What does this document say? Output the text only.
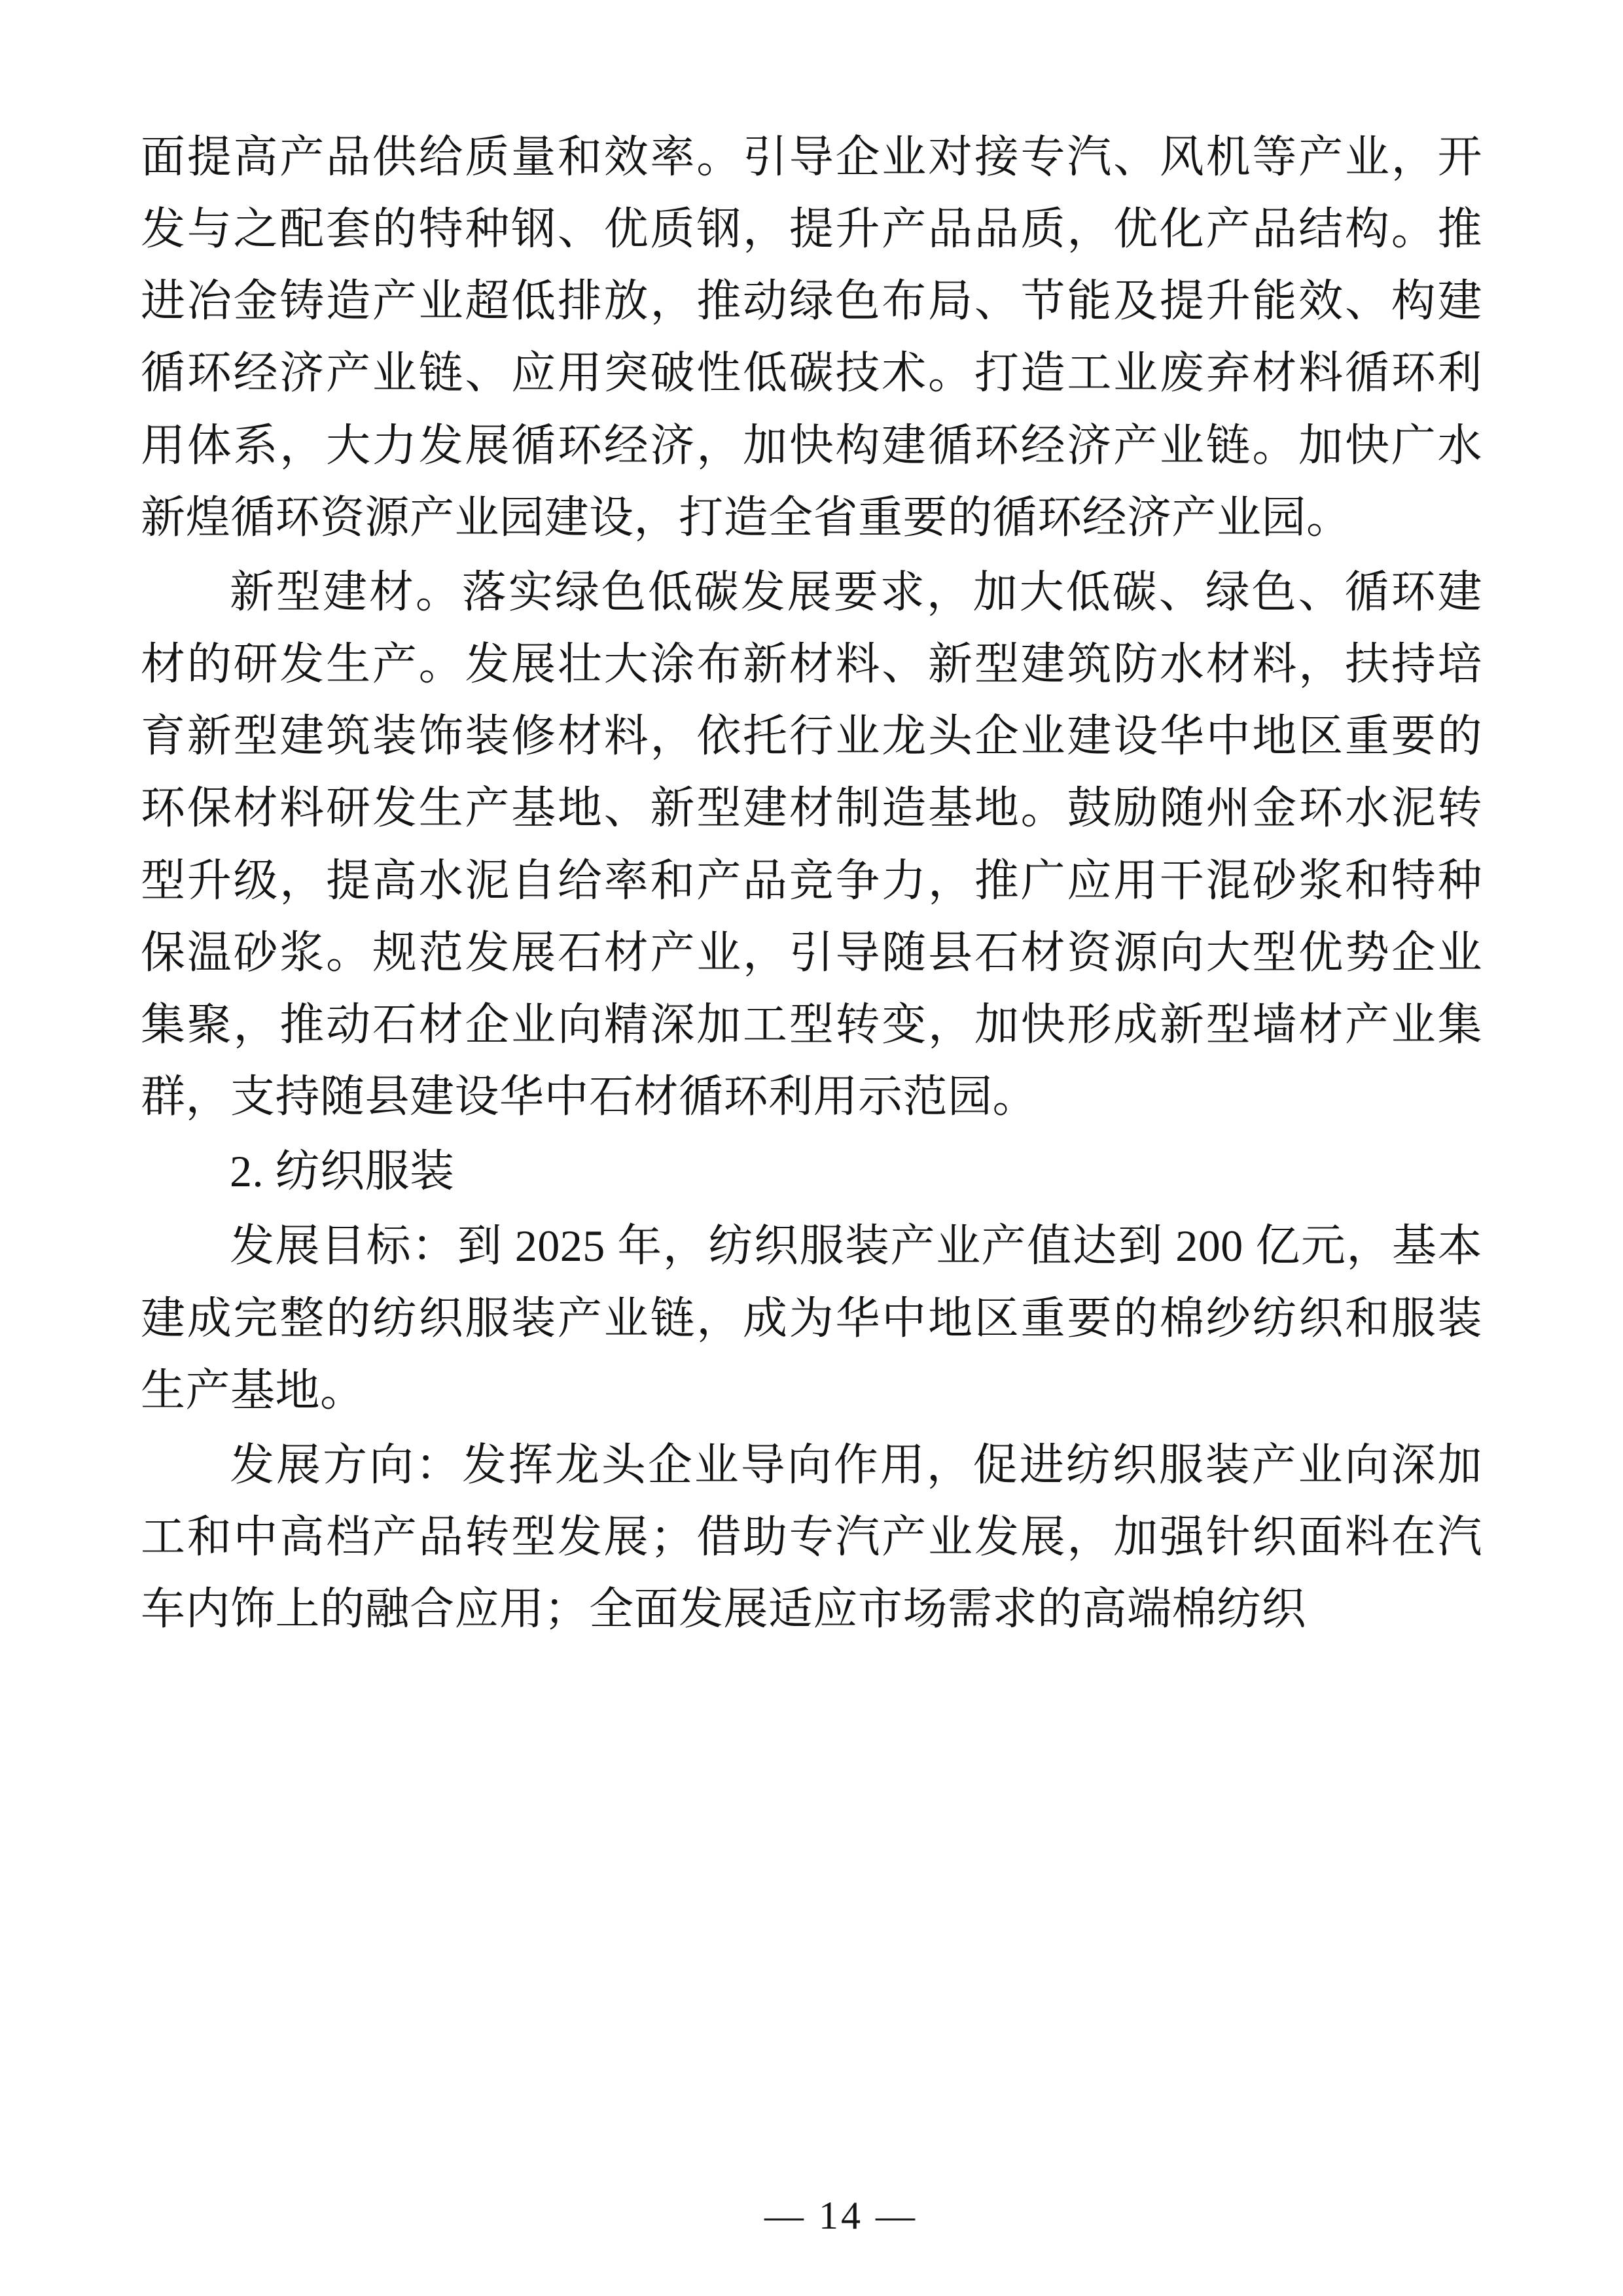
面提高产品供给质量和效率。引导企业对接专汽、风机等产业，开发与之配套的特种钢、优质钢，提升产品品质，优化产品结构。推进冶金铸造产业超低排放，推动绿色布局、节能及提升能效、构建循环经济产业链、应用突破性低碳技术。打造工业废弃材料循环利用体系，大力发展循环经济，加快构建循环经济产业链。加快广水新煌循环资源产业园建设，打造全省重要的循环经济产业园。

新型建材。落实绿色低碳发展要求，加大低碳、绿色、循环建材的研发生产。发展壮大涂布新材料、新型建筑防水材料，扶持培育新型建筑装饰装修材料，依托行业龙头企业建设华中地区重要的环保材料研发生产基地、新型建材制造基地。鼓励随州金环水泥转型升级，提高水泥自给率和产品竞争力，推广应用干混砂浆和特种保温砂浆。规范发展石材产业，引导随县石材资源向大型优势企业集聚，推动石材企业向精深加工型转变，加快形成新型墙材产业集群，支持随县建设华中石材循环利用示范园。

2. 纺织服装

发展目标：到 2025 年，纺织服装产业产值达到 200 亿元，基本建成完整的纺织服装产业链，成为华中地区重要的棉纱纺织和服装生产基地。

发展方向：发挥龙头企业导向作用，促进纺织服装产业向深加工和中高档产品转型发展；借助专汽产业发展，加强针织面料在汽车内饰上的融合应用；全面发展适应市场需求的高端棉纺织

— 14 —
